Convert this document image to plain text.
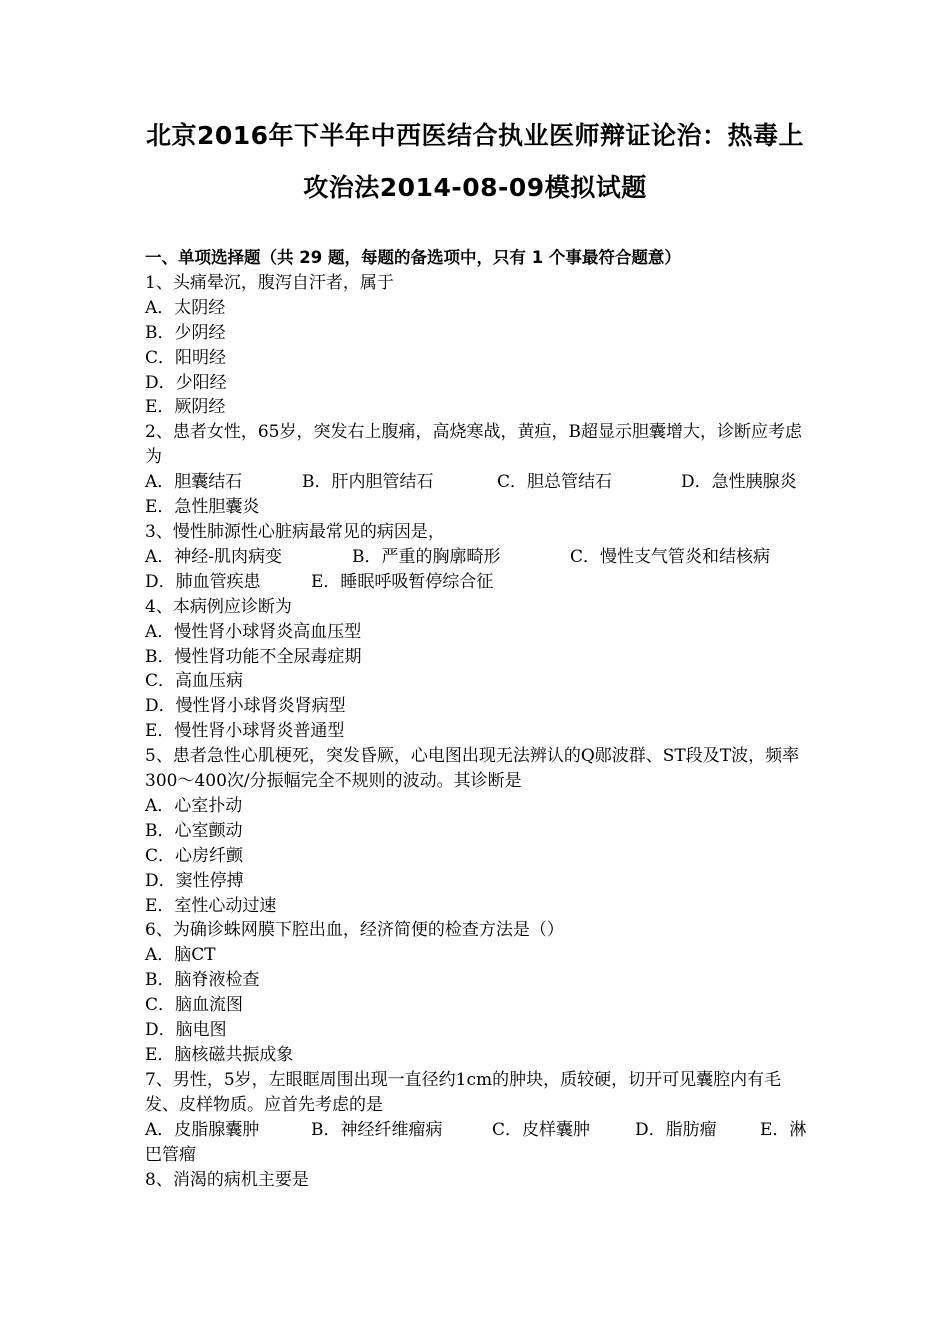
北京2016年下半年中西医结合执业医师辩证论治：热毒上
攻治法2014-08-09模拟试题
一、单项选择题（共 29 题，每题的备选项中，只有 1 个事最符合题意）
1、头痛晕沉，腹泻自汗者，属于
A．太阴经
B．少阴经
C．阳明经
D．少阳经
E．厥阴经
2、患者女性，65岁，突发右上腹痛，高烧寒战，黄疸，B超显示胆囊增大，诊断应考虑为
A．胆囊结石	B．肝内胆管结石	C．胆总管结石	D．急性胰腺炎
E．急性胆囊炎
3、慢性肺源性心脏病最常见的病因是，
A．神经-肌肉病变	B．严重的胸廓畸形	C．慢性支气管炎和结核病
D．肺血管疾患	E．睡眠呼吸暂停综合征
4、本病例应诊断为
A．慢性肾小球肾炎高血压型
B．慢性肾功能不全尿毒症期
C．高血压病
D．慢性肾小球肾炎肾病型
E．慢性肾小球肾炎普通型
5、患者急性心肌梗死，突发昏厥，心电图出现无法辨认的Q郧波群、ST段及T波，频率300～400次/分振幅完全不规则的波动。其诊断是
A．心室扑动
B．心室颤动
C．心房纤颤
D．窦性停搏
E．室性心动过速
6、为确诊蛛网膜下腔出血，经济简便的检查方法是（）
A．脑CT
B．脑脊液检查
C．脑血流图
D．脑电图
E．脑核磁共振成象
7、男性，5岁，左眼眶周围出现一直径约1cm的肿块，质较硬，切开可见囊腔内有毛发、皮样物质。应首先考虑的是
A．皮脂腺囊肿	B．神经纤维瘤病	C．皮样囊肿	D．脂肪瘤	E．淋巴管瘤
8、消渴的病机主要是
